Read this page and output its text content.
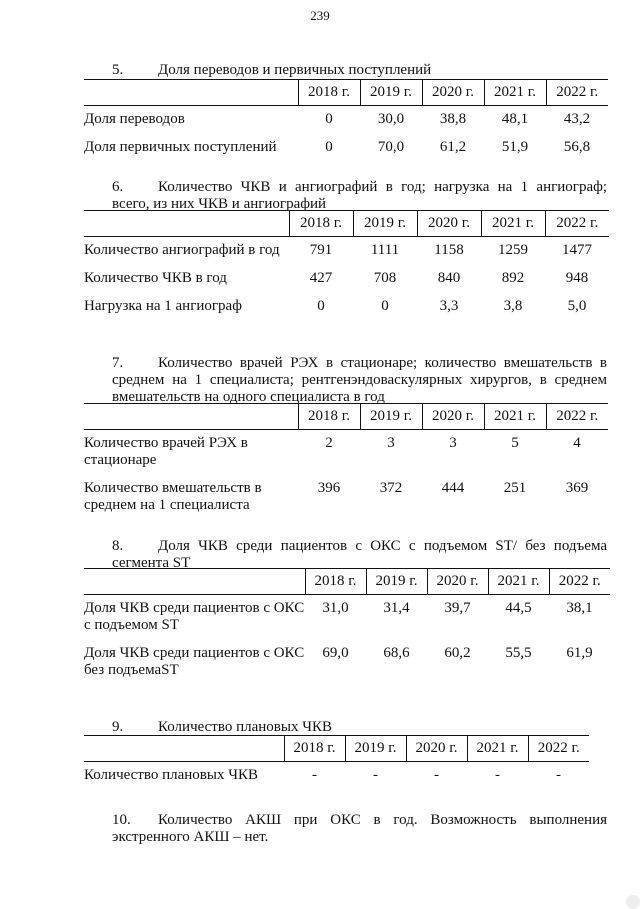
239
5. Доля переводов и первичных поступлений
	2018 г.	2019 г.	2020 г.	2021 г.	2022 г.
Доля переводов	0	30,0	38,8	48,1	43,2
Доля первичных поступлений	0	70,0	61,2	51,9	56,8
6. Количество ЧКВ и ангиографий в год; нагрузка на 1 ангиограф; всего, из них ЧКВ и ангиографий
	2018 г.	2019 г.	2020 г.	2021 г.	2022 г.
Количество ангиографий в год	791	1111	1158	1259	1477
Количество ЧКВ в год	427	708	840	892	948
Нагрузка на 1 ангиограф	0	0	3,3	3,8	5,0
7. Количество врачей РЭХ в стационаре; количество вмешательств в среднем на 1 специалиста; рентгенэндоваскулярных хирургов, в среднем вмешательств на одного специалиста в год
	2018 г.	2019 г.	2020 г.	2021 г.	2022 г.
Количество врачей РЭХ в стационаре	2	3	3	5	4
Количество вмешательств в среднем на 1 специалиста	396	372	444	251	369
8. Доля ЧКВ среди пациентов с ОКС с подъемом ST/ без подъема сегмента ST
	2018 г.	2019 г.	2020 г.	2021 г.	2022 г.
Доля ЧКВ среди пациентов с ОКС с подъемом ST	31,0	31,4	39,7	44,5	38,1
Доля ЧКВ среди пациентов с ОКС без подъемаST	69,0	68,6	60,2	55,5	61,9
9. Количество плановых ЧКВ
	2018 г.	2019 г.	2020 г.	2021 г.	2022 г.
Количество плановых ЧКВ	-	-	-	-	-
10. Количество АКШ при ОКС в год. Возможность выполнения экстренного АКШ – нет.
